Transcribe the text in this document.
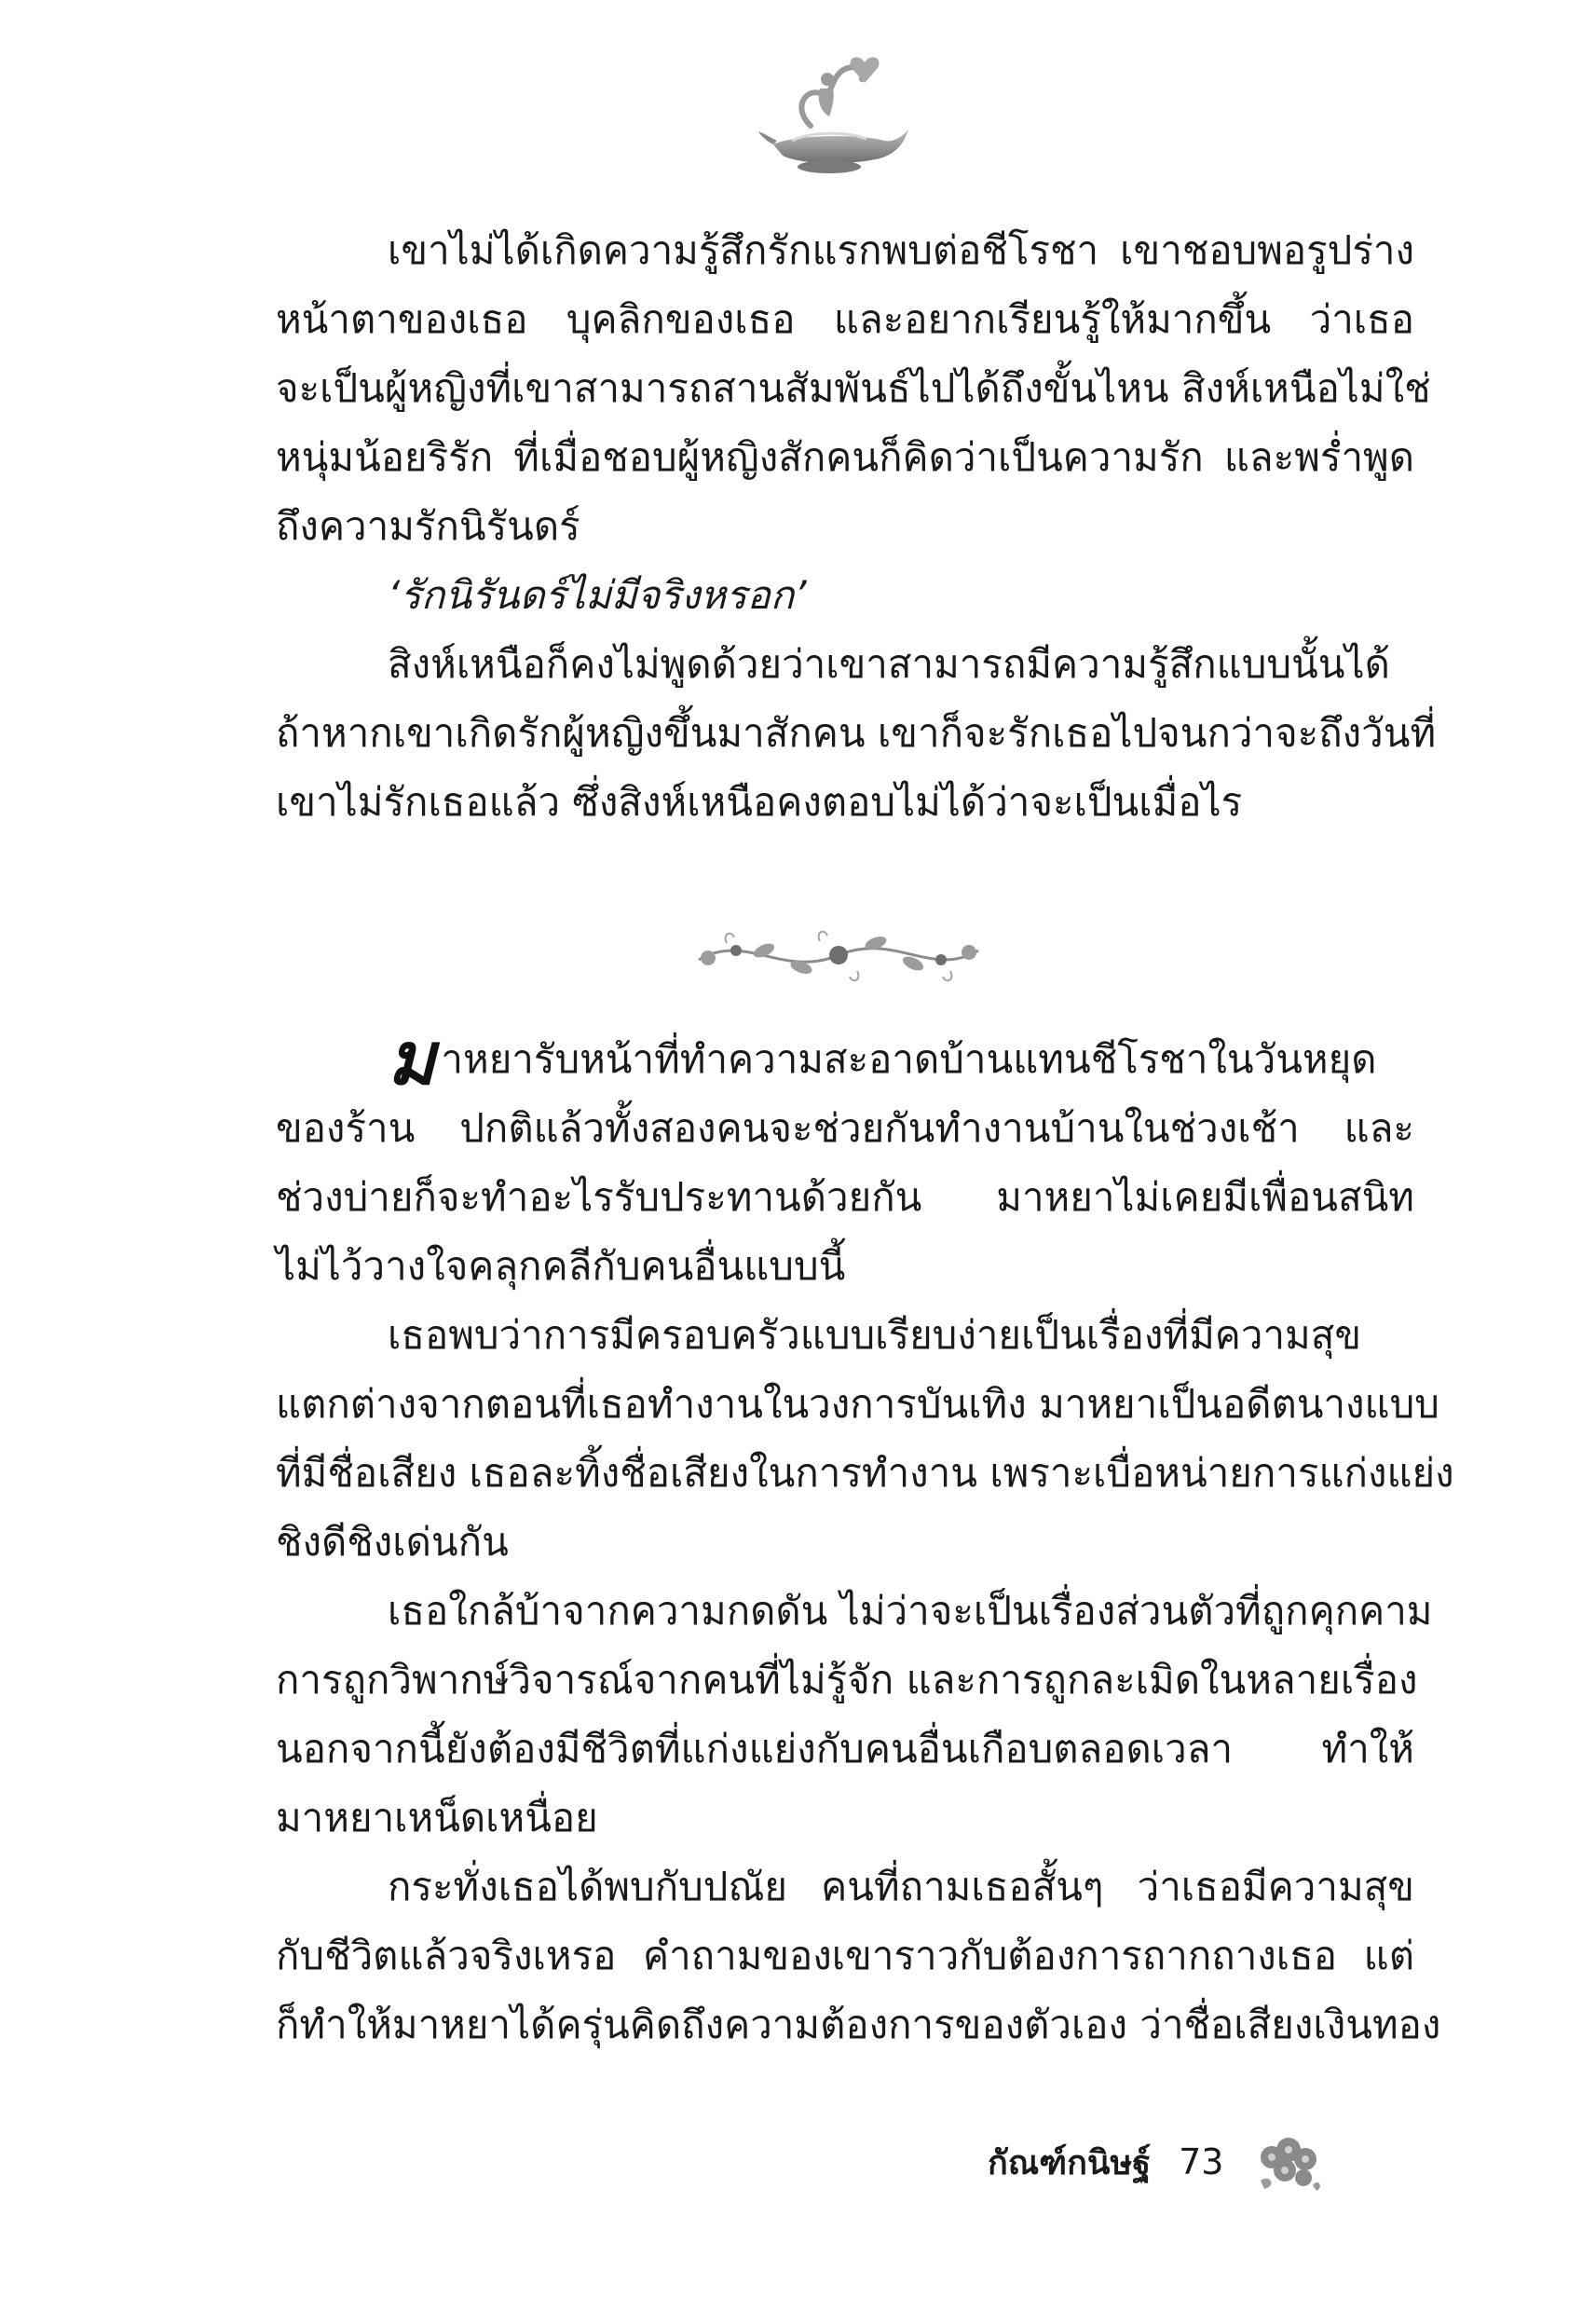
เขาไม่ได้เกิดความรู้สึกรักแรกพบต่อชีโรชา เขาชอบพอรูปร่าง
หน้าตาของเธอ บุคลิกของเธอ และอยากเรียนรู้ให้มากขึ้น ว่าเธอ
จะเป็นผู้หญิงที่เขาสามารถสานสัมพันธ์ไปได้ถึงขั้นไหน สิงห์เหนือไม่ใช่
หนุ่มน้อยริรัก ที่เมื่อชอบผู้หญิงสักคนก็คิดว่าเป็นความรัก และพร่ำพูด
ถึงความรักนิรันดร์
‘รักนิรันดร์ไม่มีจริงหรอก’
สิงห์เหนือก็คงไม่พูดด้วยว่าเขาสามารถมีความรู้สึกแบบนั้นได้
ถ้าหากเขาเกิดรักผู้หญิงขึ้นมาสักคน เขาก็จะรักเธอไปจนกว่าจะถึงวันที่
เขาไม่รักเธอแล้ว ซึ่งสิงห์เหนือคงตอบไม่ได้ว่าจะเป็นเมื่อไร
มาหยารับหน้าที่ทำความสะอาดบ้านแทนชีโรชาในวันหยุด
ของร้าน ปกติแล้วทั้งสองคนจะช่วยกันทำงานบ้านในช่วงเช้า และ
ช่วงบ่ายก็จะทำอะไรรับประทานด้วยกัน มาหยาไม่เคยมีเพื่อนสนิท
ไม่ไว้วางใจคลุกคลีกับคนอื่นแบบนี้
เธอพบว่าการมีครอบครัวแบบเรียบง่ายเป็นเรื่องที่มีความสุข
แตกต่างจากตอนที่เธอทำงานในวงการบันเทิง มาหยาเป็นอดีตนางแบบ
ที่มีชื่อเสียง เธอละทิ้งชื่อเสียงในการทำงาน เพราะเบื่อหน่ายการแก่งแย่ง
ชิงดีชิงเด่นกัน
เธอใกล้บ้าจากความกดดัน ไม่ว่าจะเป็นเรื่องส่วนตัวที่ถูกคุกคาม
การถูกวิพากษ์วิจารณ์จากคนที่ไม่รู้จัก และการถูกละเมิดในหลายเรื่อง
นอกจากนี้ยังต้องมีชีวิตที่แก่งแย่งกับคนอื่นเกือบตลอดเวลา ทำให้
มาหยาเหน็ดเหนื่อย
กระทั่งเธอได้พบกับปณัย คนที่ถามเธอสั้นๆ ว่าเธอมีความสุข
กับชีวิตแล้วจริงเหรอ คำถามของเขาราวกับต้องการถากถางเธอ แต่
ก็ทำให้มาหยาได้ครุ่นคิดถึงความต้องการของตัวเอง ว่าชื่อเสียงเงินทอง
กัณฑ์กนิษฐ์ 73
